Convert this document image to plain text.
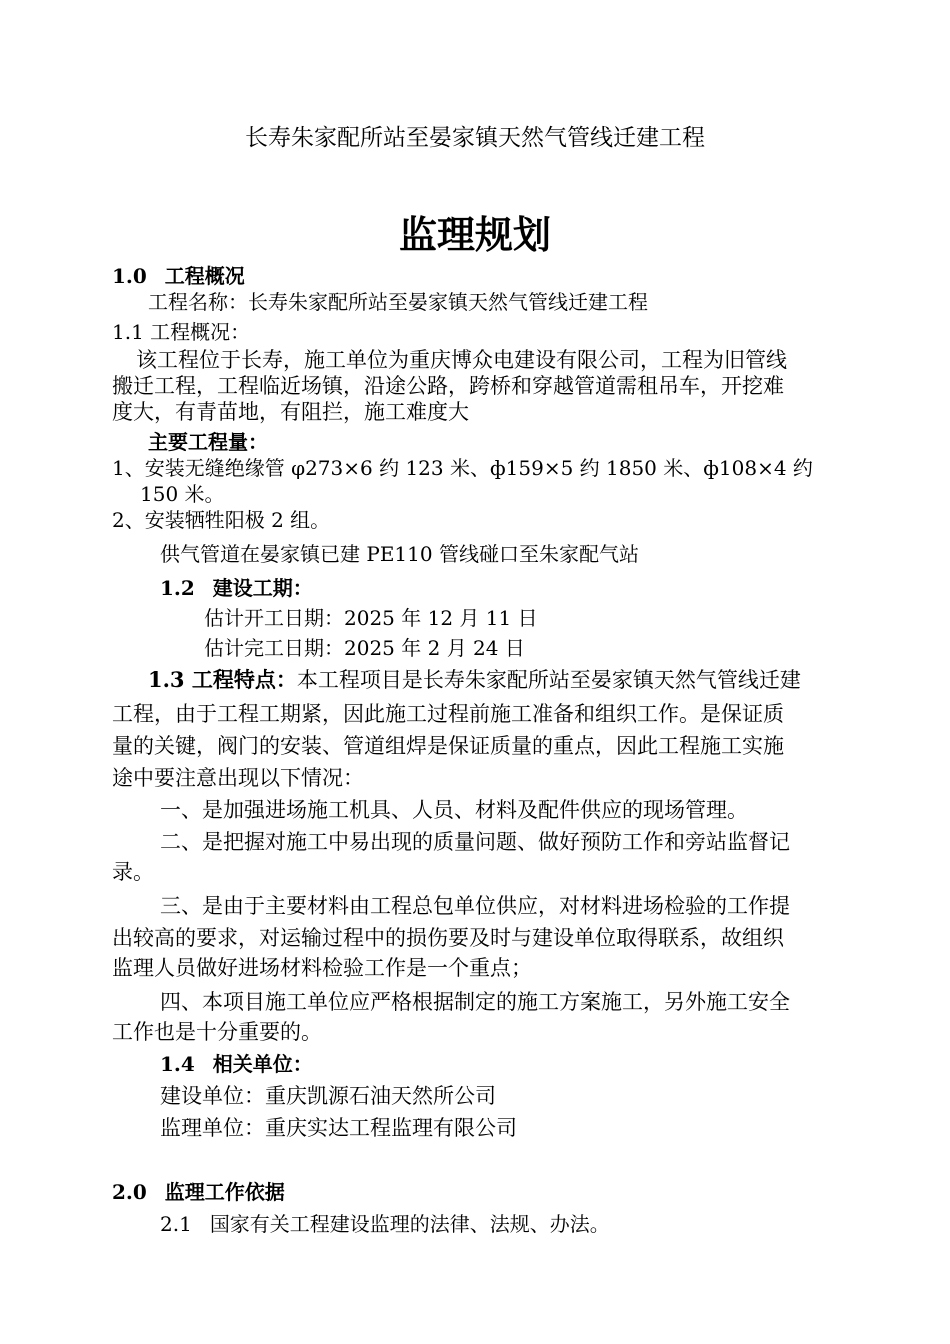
长寿朱家配所站至晏家镇天然气管线迁建工程
监理规划
1.0 工程概况
工程名称：长寿朱家配所站至晏家镇天然气管线迁建工程
1.1 工程概况：
该工程位于长寿，施工单位为重庆博众电建设有限公司，工程为旧管线
搬迁工程，工程临近场镇，沿途公路，跨桥和穿越管道需租吊车，开挖难
度大，有青苗地，有阻拦，施工难度大
主要工程量：
1、安装无缝绝缘管 φ273×6 约 123 米、ф159×5 约 1850 米、ф108×4 约
150 米。
2、安装牺牲阳极 2 组。
供气管道在晏家镇已建 PE110 管线碰口至朱家配气站
1.2 建设工期：
估计开工日期：2025 年 12 月 11 日
估计完工日期：2025 年 2 月 24 日
1.3 工程特点：本工程项目是长寿朱家配所站至晏家镇天然气管线迁建
工程，由于工程工期紧，因此施工过程前施工准备和组织工作。是保证质
量的关键，阀门的安装、管道组焊是保证质量的重点，因此工程施工实施
途中要注意出现以下情况：
一、是加强进场施工机具、人员、材料及配件供应的现场管理。
二、是把握对施工中易出现的质量问题、做好预防工作和旁站监督记
录。
三、是由于主要材料由工程总包单位供应，对材料进场检验的工作提
出较高的要求，对运输过程中的损伤要及时与建设单位取得联系，故组织
监理人员做好进场材料检验工作是一个重点；
四、本项目施工单位应严格根据制定的施工方案施工，另外施工安全
工作也是十分重要的。
1.4 相关单位：
建设单位：重庆凯源石油天然所公司
监理单位：重庆实达工程监理有限公司
2.0 监理工作依据
2.1 国家有关工程建设监理的法律、法规、办法。
